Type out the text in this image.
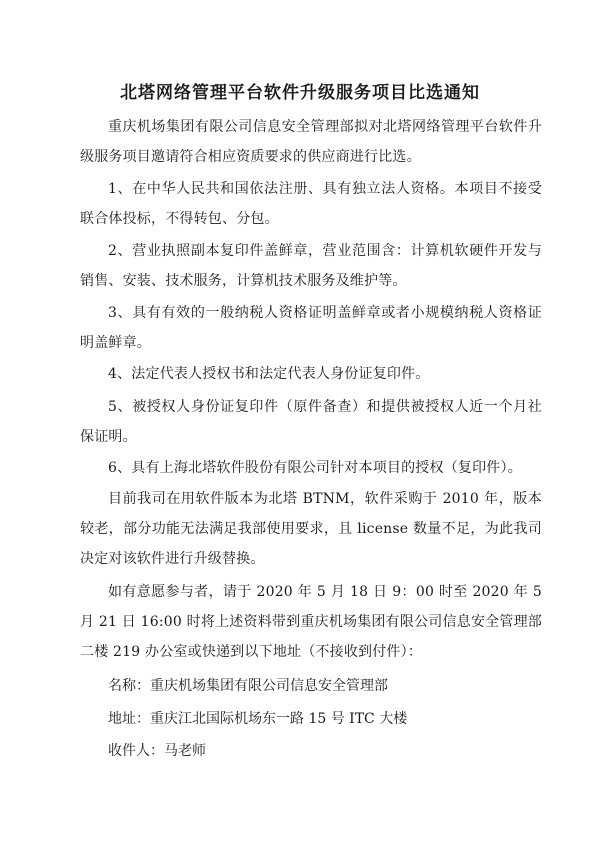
北塔网络管理平台软件升级服务项目比选通知
重庆机场集团有限公司信息安全管理部拟对北塔网络管理平台软件升级服务项目邀请符合相应资质要求的供应商进行比选。
1、在中华人民共和国依法注册、具有独立法人资格。本项目不接受联合体投标，不得转包、分包。
2、营业执照副本复印件盖鲜章，营业范围含：计算机软硬件开发与销售、安装、技术服务，计算机技术服务及维护等。
3、具有有效的一般纳税人资格证明盖鲜章或者小规模纳税人资格证明盖鲜章。
4、法定代表人授权书和法定代表人身份证复印件。
5、被授权人身份证复印件（原件备查）和提供被授权人近一个月社保证明。
6、具有上海北塔软件股份有限公司针对本项目的授权（复印件）。
目前我司在用软件版本为北塔 BTNM，软件采购于 2010 年，版本较老，部分功能无法满足我部使用要求，且 license 数量不足，为此我司决定对该软件进行升级替换。
如有意愿参与者，请于 2020 年 5 月 18 日 9：00 时至 2020 年 5 月 21 日 16:00 时将上述资料带到重庆机场集团有限公司信息安全管理部二楼 219 办公室或快递到以下地址（不接收到付件）：
名称：重庆机场集团有限公司信息安全管理部
地址：重庆江北国际机场东一路 15 号 ITC 大楼
收件人：马老师
